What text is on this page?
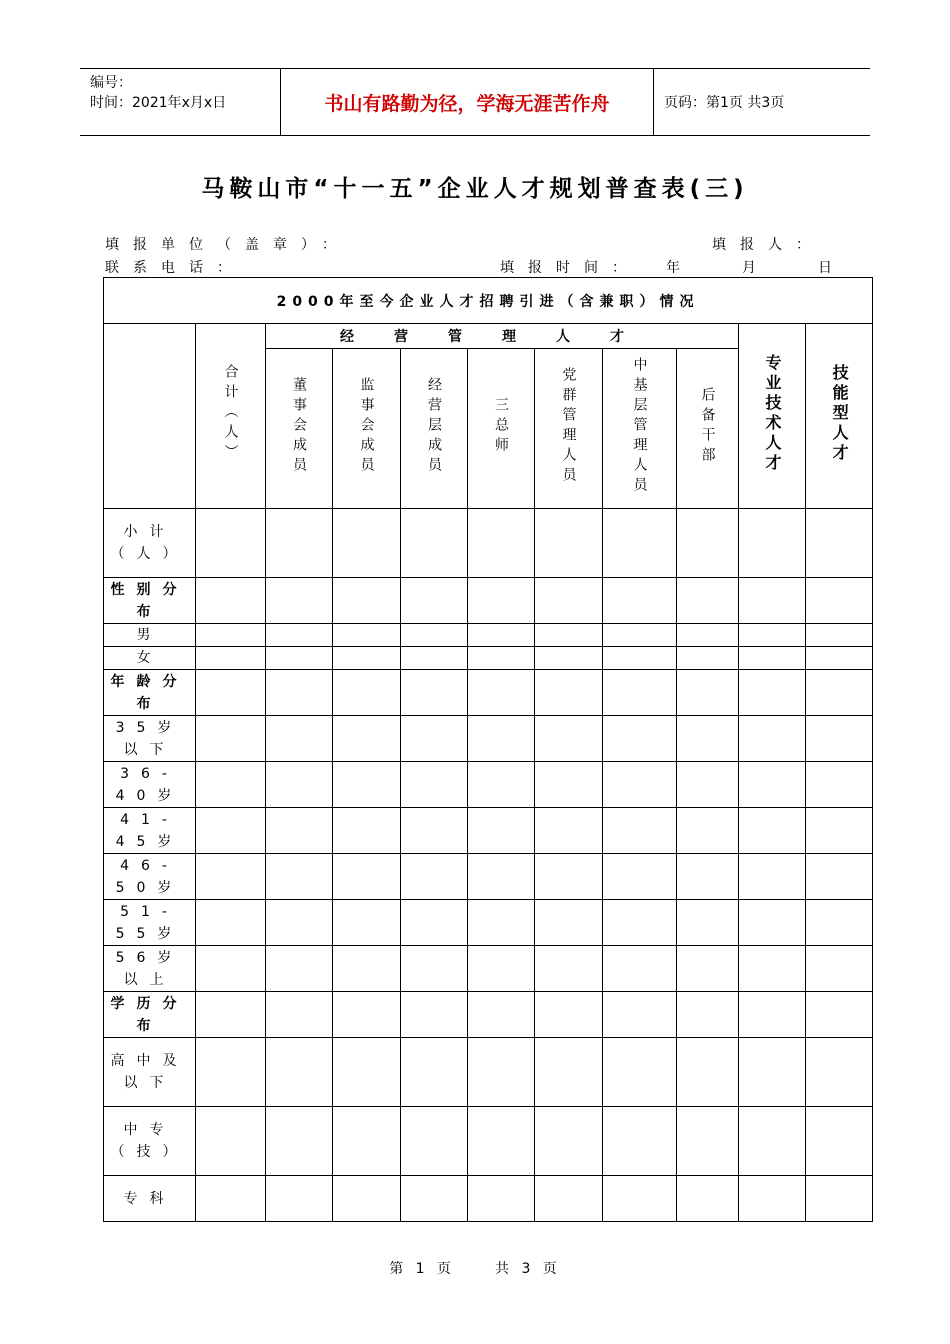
编号：
时间：2021年x月x日	书山有路勤为径，学海无涯苦作舟	页码：第1页 共3页
马鞍山市“十一五”企业人才规划普查表(三)
填报单位（盖章）：	填报人：
联系电话：	填报时间： 年	月	日
2000年至今企业人才招聘引进（含兼职）情况										
	合计（人）	经营管理人才							专业技术人才	技能型人才
		董事会成员	监事会成员	经营层成员	三总师	党群管理人员	中基层管理人员	后备干部		
小计（人）										
性别分布										
男										
女										
年龄分布										
35岁以下										
36-40岁										
41-45岁										
46-50岁										
51-55岁										
56岁以上										
学历分布										
高中及以下										
中专（技）										
专科										
第 1 页	共 3 页
